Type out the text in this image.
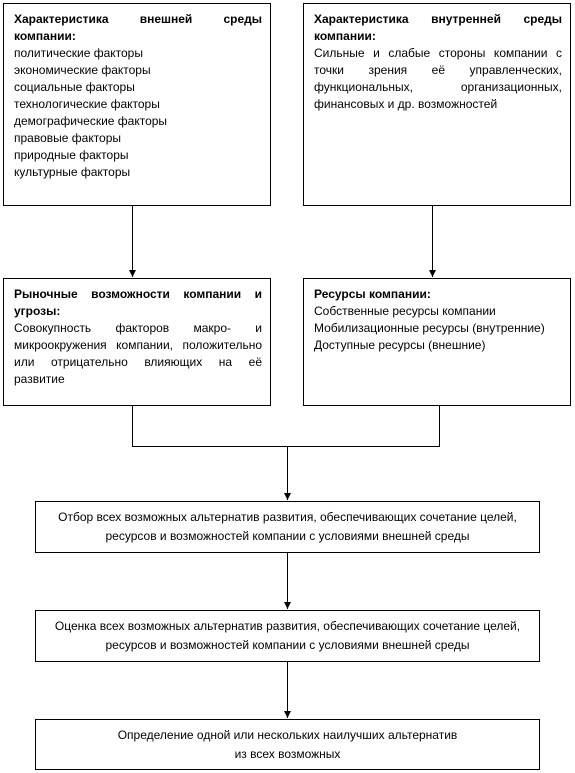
Характеристика внешней среды компании:
политические факторы
экономические факторы
социальные факторы
технологические факторы
демографические факторы
правовые факторы
природные факторы
культурные факторы
Характеристика внутренней среды компании:
Сильные и слабые стороны компании с точки зрения её управленческих, функциональных, организационных, финансовых и др. возможностей
Рыночные возможности компании и угрозы:
Совокупность факторов макро- и микроокружения компании, положительно или отрицательно влияющих на её развитие
Ресурсы компании:
Собственные ресурсы компании
Мобилизационные ресурсы (внутренние)
Доступные ресурсы (внешние)
Отбор всех возможных альтернатив развития, обеспечивающих сочетание целей, ресурсов и возможностей компании с условиями внешней среды
Оценка всех возможных альтернатив развития, обеспечивающих сочетание целей, ресурсов и возможностей компании с условиями внешней среды
Определение одной или нескольких наилучших альтернатив из всех возможных
